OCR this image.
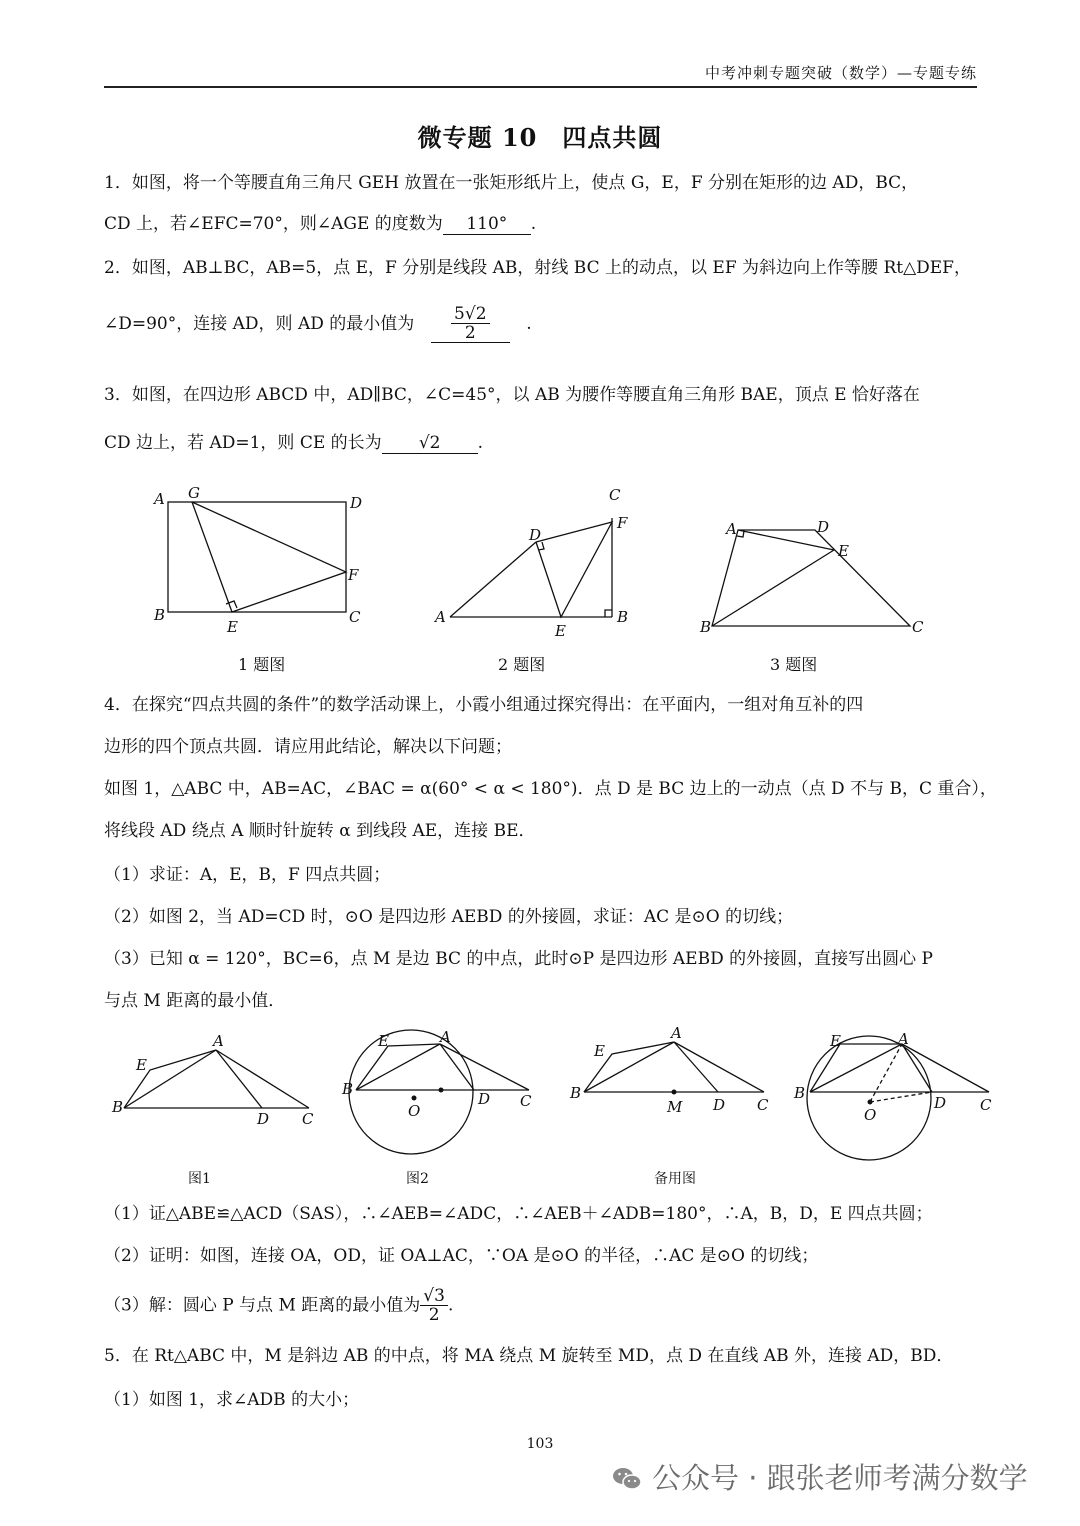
中考冲刺专题突破（数学）—专题专练
微专题 10　四点共圆
1．如图，将一个等腰直角三角尺 GEH 放置在一张矩形纸片上，使点 G，E，F 分别在矩形的边 AD，BC，
CD 上，若∠EFC=70°，则∠AGE 的度数为 110° .
2．如图，AB⊥BC，AB=5，点 E，F 分别是线段 AB，射线 BC 上的动点，以 EF 为斜边向上作等腰 Rt△DEF，
∠D=90°，连接 AD，则 AD 的最小值为 $\frac{5√2}{2}$ .
3．如图，在四边形 ABCD 中，AD∥BC，∠C=45°，以 AB 为腰作等腰直角三角形 BAE，顶点 E 恰好落在
CD 边上，若 AD=1，则 CE 的长为 √2 .
A G
D
F
B
E
C
C
F
D
A
E
B
A	D
E
B	C
1 题图	2 题图	3 题图
4．在探究“四点共圆的条件”的数学活动课上，小霞小组通过探究得出：在平面内，一组对角互补的四
边形的四个顶点共圆．请应用此结论，解决以下问题；
如图 1，△ABC 中，AB=AC，∠BAC = α(60° < α < 180°)．点 D 是 BC 边上的一动点（点 D 不与 B，C 重合），
将线段 AD 绕点 A 顺时针旋转 α 到线段 AE，连接 BE．
（1）求证：A，E，B，F 四点共圆；
（2）如图 2，当 AD=CD 时，⊙O 是四边形 AEBD 的外接圆，求证：AC 是⊙O 的切线；
（3）已知 α = 120°，BC=6，点 M 是边 BC 的中点，此时⊙P 是四边形 AEBD 的外接圆，直接写出圆心 P
与点 M 距离的最小值．
E
A
B
D C
E	A
B
D C
O
E
A
B
M D C
E	A
B
D C
O
图1	图2	备用图
（1）证△ABE≌△ACD（SAS），∴∠AEB=∠ADC，∴∠AEB＋∠ADB=180°，∴A，B，D，E 四点共圆；
（2）证明：如图，连接 OA，OD，证 OA⊥AC，∵OA 是⊙O 的半径，∴AC 是⊙O 的切线；
（3）解：圆心 P 与点 M 距离的最小值为 $\frac{√3}{2}$ .
5．在 Rt△ABC 中，M 是斜边 AB 的中点，将 MA 绕点 M 旋转至 MD，点 D 在直线 AB 外，连接 AD，BD．
（1）如图 1，求∠ADB 的大小；
103
公众号 · 跟张老师考满分数学
